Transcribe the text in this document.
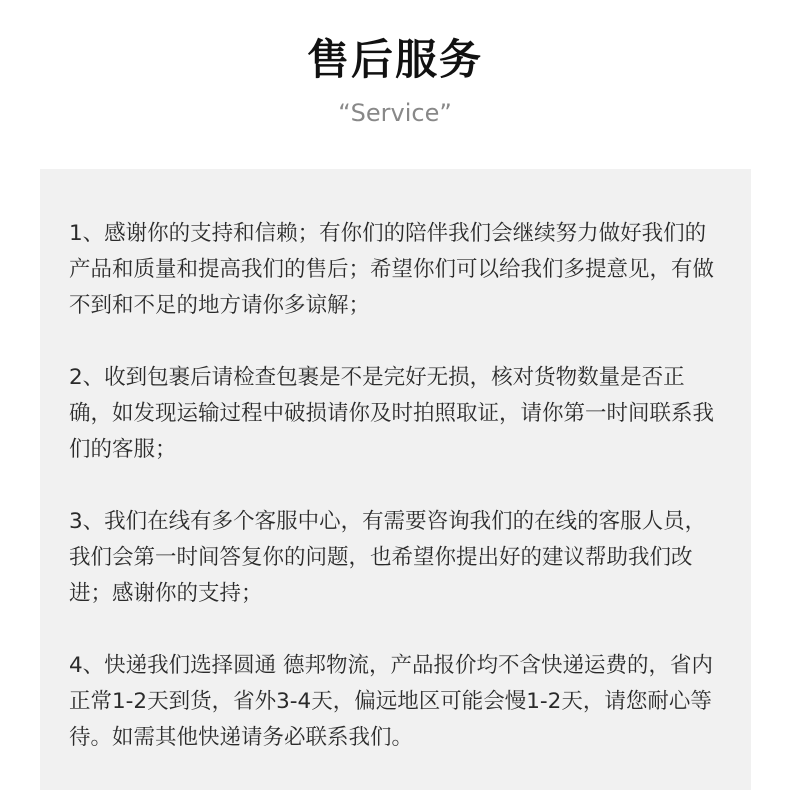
售后服务
“Service”

1、感谢你的支持和信赖；有你们的陪伴我们会继续努力做好我们的产品和质量和提高我们的售后；希望你们可以给我们多提意见，有做不到和不足的地方请你多谅解；

2、收到包裹后请检查包裹是不是完好无损，核对货物数量是否正确，如发现运输过程中破损请你及时拍照取证，请你第一时间联系我们的客服；

3、我们在线有多个客服中心，有需要咨询我们的在线的客服人员，我们会第一时间答复你的问题，也希望你提出好的建议帮助我们改进；感谢你的支持；

4、快递我们选择圆通 德邦物流，产品报价均不含快递运费的，省内正常1-2天到货，省外3-4天，偏远地区可能会慢1-2天，请您耐心等待。如需其他快递请务必联系我们。
